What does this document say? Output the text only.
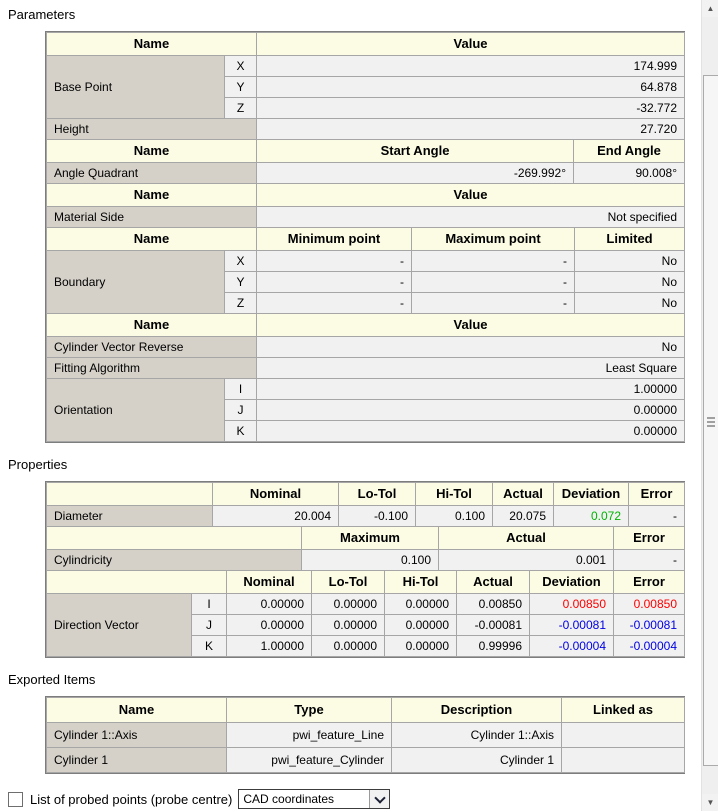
Parameters
Name		Value
Base Point	X	174.999
	Y	64.878
	Z	-32.772
Height		27.720
Name	Start Angle	End Angle
Angle Quadrant	-269.992°	90.008°
Name	Value
Material Side	Not specified
Name		Minimum point	Maximum point	Limited
Boundary	X	-	-	No
	Y	-	-	No
	Z	-	-	No
Name		Value
Cylinder Vector Reverse		No
Fitting Algorithm		Least Square
Orientation	I	1.00000
	J	0.00000
	K	0.00000
Properties
	Nominal	Lo-Tol	Hi-Tol	Actual	Deviation	Error
Diameter	20.004	-0.100	0.100	20.075	0.072	-
	Maximum	Actual	Error
Cylindricity	0.100	0.001	-
		Nominal	Lo-Tol	Hi-Tol	Actual	Deviation	Error
Direction Vector	I	0.00000	0.00000	0.00000	0.00850	0.00850	0.00850
	J	0.00000	0.00000	0.00000	-0.00081	-0.00081	-0.00081
	K	1.00000	0.00000	0.00000	0.99996	-0.00004	-0.00004
Exported Items
Name	Type	Description	Linked as
Cylinder 1::Axis	pwi_feature_Line	Cylinder 1::Axis	
Cylinder 1	pwi_feature_Cylinder	Cylinder 1	
List of probed points (probe centre) CAD coordinates
▲
▼
